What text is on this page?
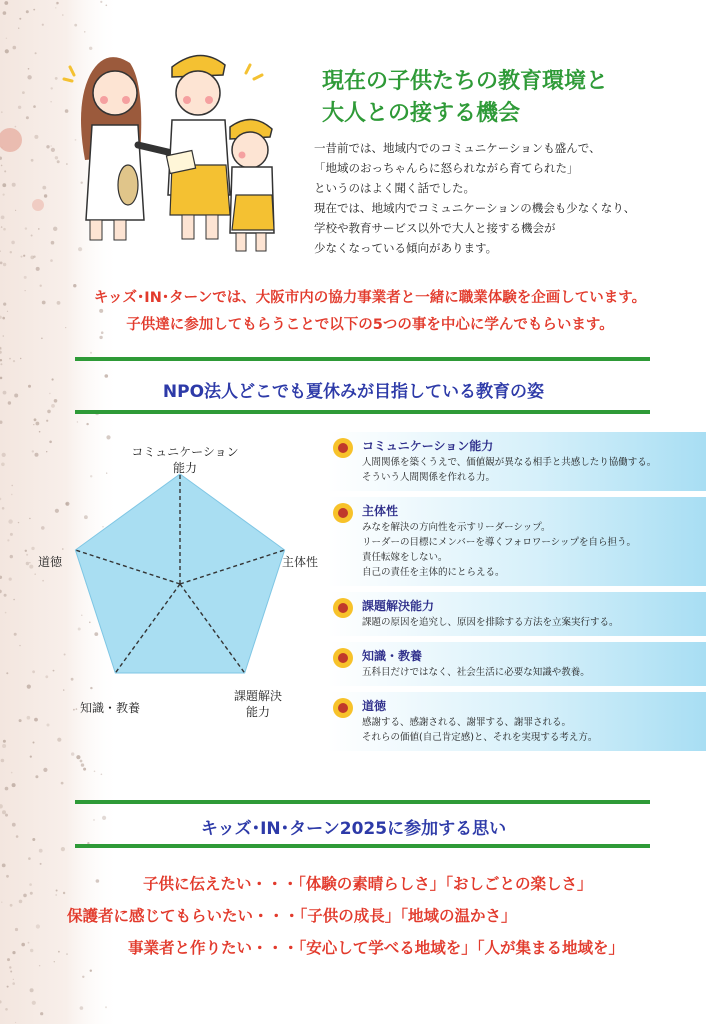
現在の子供たちの教育環境と
大人との接する機会
一昔前では、地域内でのコミュニケーションも盛んで、
「地域のおっちゃんらに怒られながら育てられた」
というのはよく聞く話でした。
現在では、地域内でコミュニケーションの機会も少なくなり、
学校や教育サービス以外で大人と接する機会が
少なくなっている傾向があります。
キッズ･IN･ターンでは、大阪市内の協力事業者と一緒に職業体験を企画しています。
子供達に参加してもらうことで以下の5つの事を中心に学んでもらいます。
NPO法人どこでも夏休みが目指している教育の姿
コミュニケーション
能力
主体性
課題解決
能力
知識・教養
道徳
コミュニケーション能力
人間関係を築くうえで、価値観が異なる相手と共感したり協働する。
そういう人間関係を作れる力。
主体性
みなを解決の方向性を示すリーダーシップ。
リーダーの目標にメンバーを導くフォロワーシップを自ら担う。
責任転嫁をしない。
自己の責任を主体的にとらえる。
課題解決能力
課題の原因を追究し、原因を排除する方法を立案実行する。
知識・教養
五科目だけではなく、社会生活に必要な知識や教養。
道徳
感謝する、感謝される、謝罪する、謝罪される。
それらの価値(自己肯定感)と、それを実現する考え方。
キッズ･IN･ターン2025に参加する思い
子供に伝えたい・・・「体験の素晴らしさ」「おしごとの楽しさ」
保護者に感じてもらいたい・・・「子供の成長」「地域の温かさ」
事業者と作りたい・・・「安心して学べる地域を」「人が集まる地域を」
